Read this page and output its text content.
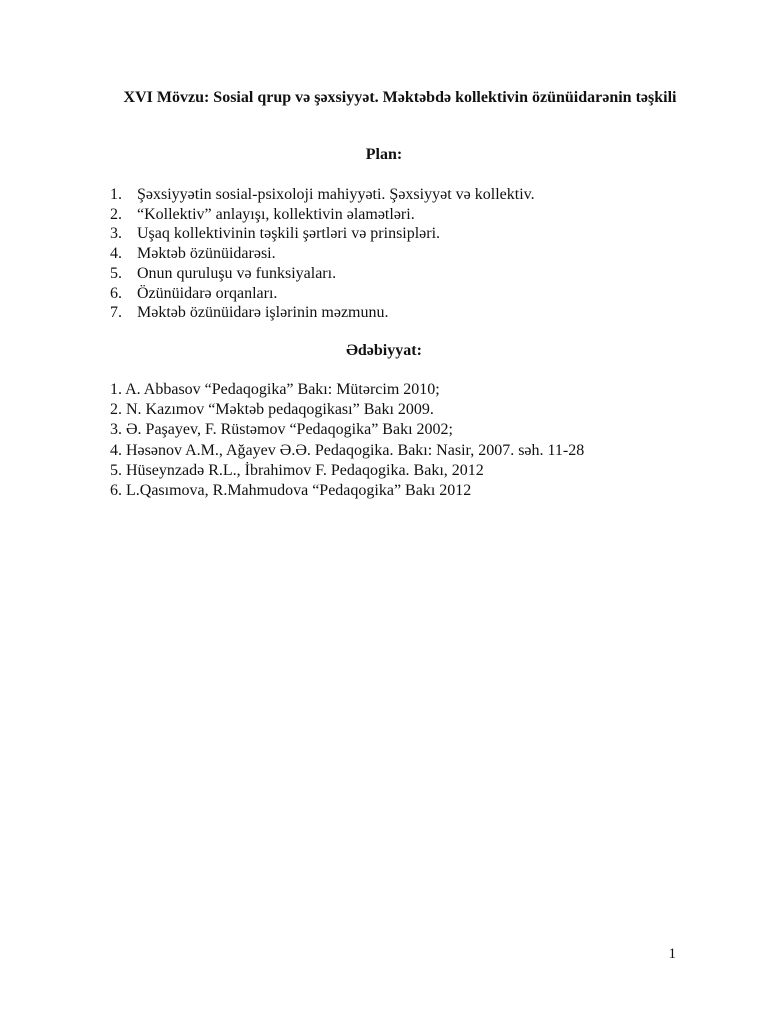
XVI Mövzu: Sosial qrup və şəxsiyyət. Məktəbdə kollektivin özünüidarənin təşkili
Plan:
1. Şəxsiyyətin sosial-psixoloji mahiyyəti. Şəxsiyyət və kollektiv.
2. “Kollektiv” anlayışı, kollektivin əlamətləri.
3. Uşaq kollektivinin təşkili şərtləri və prinsipləri.
4. Məktəb özünüidarəsi.
5. Onun quruluşu və funksiyaları.
6. Özünüidarə orqanları.
7. Məktəb özünüidarə işlərinin məzmunu.
Ədəbiyyat:
1. A. Abbasov “Pedaqogika” Bakı: Mütərcim 2010;
2. N. Kazımov “Məktəb pedaqogikası” Bakı 2009.
3. Ə. Paşayev, F. Rüstəmov “Pedaqogika” Bakı 2002;
4. Həsənov A.M., Ağayev Ə.Ə. Pedaqogika. Bakı: Nasir, 2007. səh. 11-28
5. Hüseynzadə R.L., İbrahimov F. Pedaqogika. Bakı, 2012
6. L.Qasımova, R.Mahmudova “Pedaqogika” Bakı 2012
1
